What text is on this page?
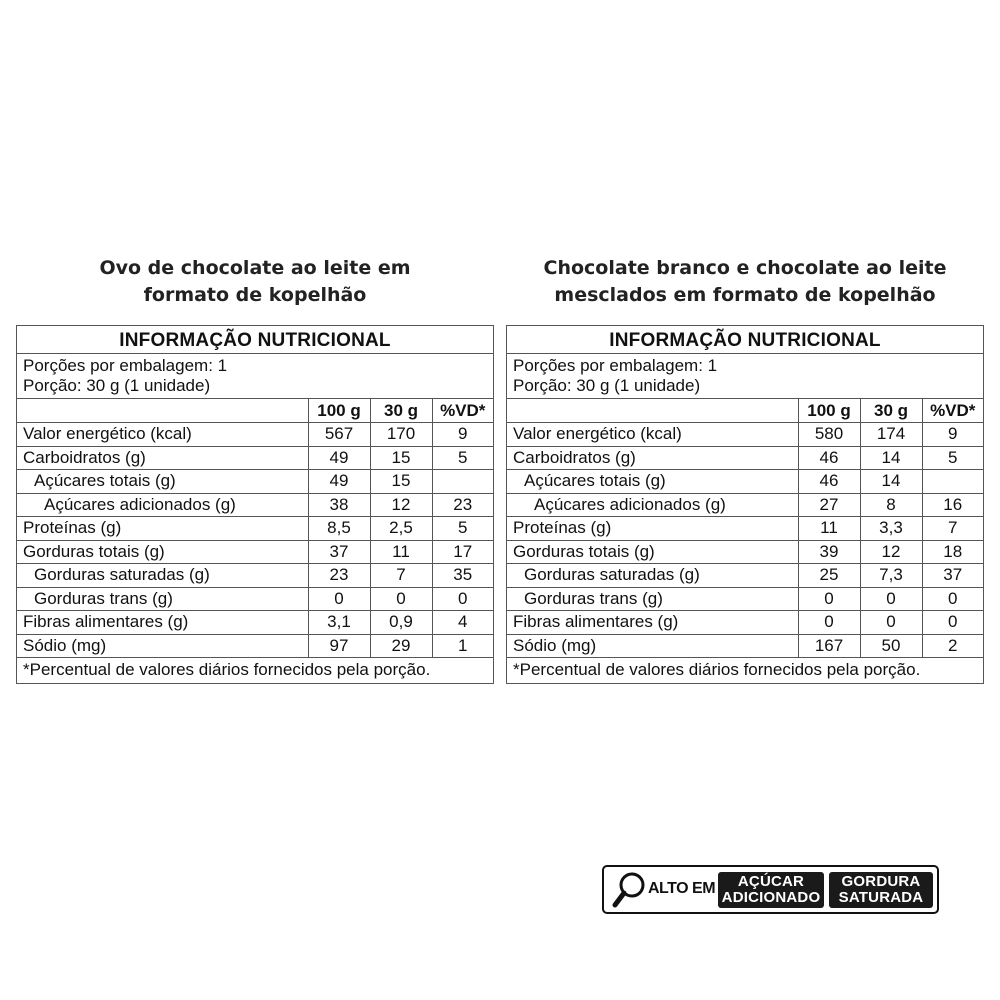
Ovo de chocolate ao leite em
formato de kopelhão
Chocolate branco e chocolate ao leite
mesclados em formato de kopelhão
INFORMAÇÃO NUTRICIONAL
Porções por embalagem: 1
Porção: 30 g (1 unidade)
	100 g	30 g	%VD*
Valor energético (kcal)	567	170	9
Carboidratos (g)	49	15	5
Açúcares totais (g)	49	15	
Açúcares adicionados (g)	38	12	23
Proteínas (g)	8,5	2,5	5
Gorduras totais (g)	37	11	17
Gorduras saturadas (g)	23	7	35
Gorduras trans (g)	0	0	0
Fibras alimentares (g)	3,1	0,9	4
Sódio (mg)	97	29	1
*Percentual de valores diários fornecidos pela porção.
INFORMAÇÃO NUTRICIONAL
Porções por embalagem: 1
Porção: 30 g (1 unidade)
	100 g	30 g	%VD*
Valor energético (kcal)	580	174	9
Carboidratos (g)	46	14	5
Açúcares totais (g)	46	14	
Açúcares adicionados (g)	27	8	16
Proteínas (g)	11	3,3	7
Gorduras totais (g)	39	12	18
Gorduras saturadas (g)	25	7,3	37
Gorduras trans (g)	0	0	0
Fibras alimentares (g)	0	0	0
Sódio (mg)	167	50	2
*Percentual de valores diários fornecidos pela porção.
ALTO EM	AÇÚCAR
ADICIONADO
GORDURA
SATURADA
